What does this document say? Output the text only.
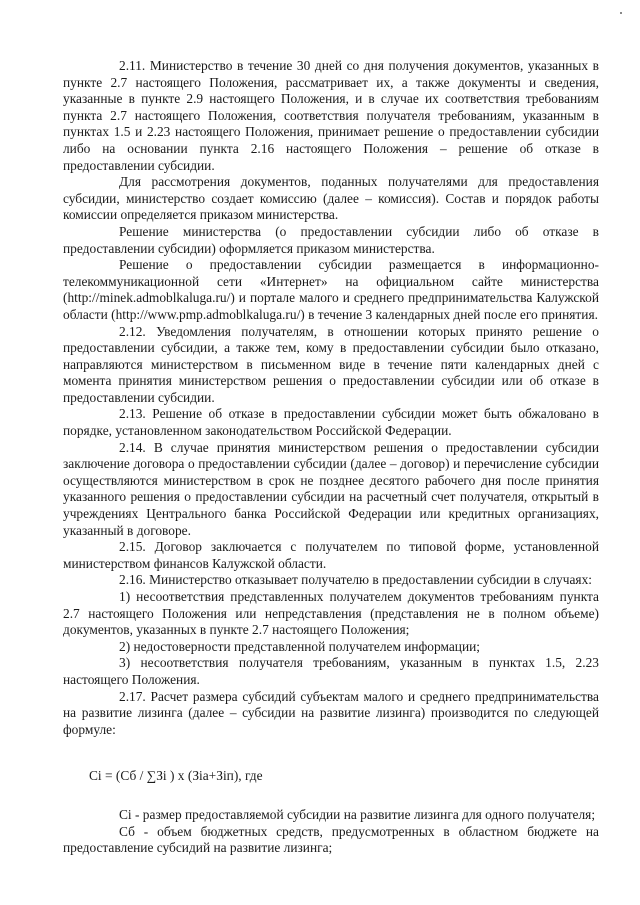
2.11. Министерство в течение 30 дней со дня получения документов, указанных в пункте 2.7 настоящего Положения, рассматривает их, а также документы и сведения, указанные в пункте 2.9 настоящего Положения, и в случае их соответствия требованиям пункта 2.7 настоящего Положения, соответствия получателя требованиям, указанным в пунктах 1.5 и 2.23 настоящего Положения, принимает решение о предоставлении субсидии либо на основании пункта 2.16 настоящего Положения – решение об отказе в предоставлении субсидии.

Для рассмотрения документов, поданных получателями для предоставления субсидии, министерство создает комиссию (далее – комиссия). Состав и порядок работы комиссии определяется приказом министерства.

Решение министерства (о предоставлении субсидии либо об отказе в предоставлении субсидии) оформляется приказом министерства.

Решение о предоставлении субсидии размещается в информационно-телекоммуникационной сети «Интернет» на официальном сайте министерства (http://minek.admoblkaluga.ru/) и портале малого и среднего предпринимательства Калужской области (http://www.pmp.admoblkaluga.ru/) в течение 3 календарных дней после его принятия.

2.12. Уведомления получателям, в отношении которых принято решение о предоставлении субсидии, а также тем, кому в предоставлении субсидии было отказано, направляются министерством в письменном виде в течение пяти календарных дней с момента принятия министерством решения о предоставлении субсидии или об отказе в предоставлении субсидии.

2.13. Решение об отказе в предоставлении субсидии может быть обжаловано в порядке, установленном законодательством Российской Федерации.

2.14. В случае принятия министерством решения о предоставлении субсидии заключение договора о предоставлении субсидии (далее – договор) и перечисление субсидии осуществляются министерством в срок не позднее десятого рабочего дня после принятия указанного решения о предоставлении субсидии на расчетный счет получателя, открытый в учреждениях Центрального банка Российской Федерации или кредитных организациях, указанный в договоре.

2.15. Договор заключается с получателем по типовой форме, установленной министерством финансов Калужской области.

2.16. Министерство отказывает получателю в предоставлении субсидии в случаях:

1) несоответствия представленных получателем документов требованиям пункта 2.7 настоящего Положения или непредставления (представления не в полном объеме) документов, указанных в пункте 2.7 настоящего Положения;

2) недостоверности представленной получателем информации;

3) несоответствия получателя требованиям, указанным в пунктах 1.5, 2.23 настоящего Положения.

2.17. Расчет размера субсидий субъектам малого и среднего предпринимательства на развитие лизинга (далее – субсидии на развитие лизинга) производится по следующей формуле:

Ci = (Сб / ∑Зi ) x (Зiа+Зiп), где

Ci - размер предоставляемой субсидии на развитие лизинга для одного получателя;

Сб - объем бюджетных средств, предусмотренных в областном бюджете на предоставление субсидий на развитие лизинга;
